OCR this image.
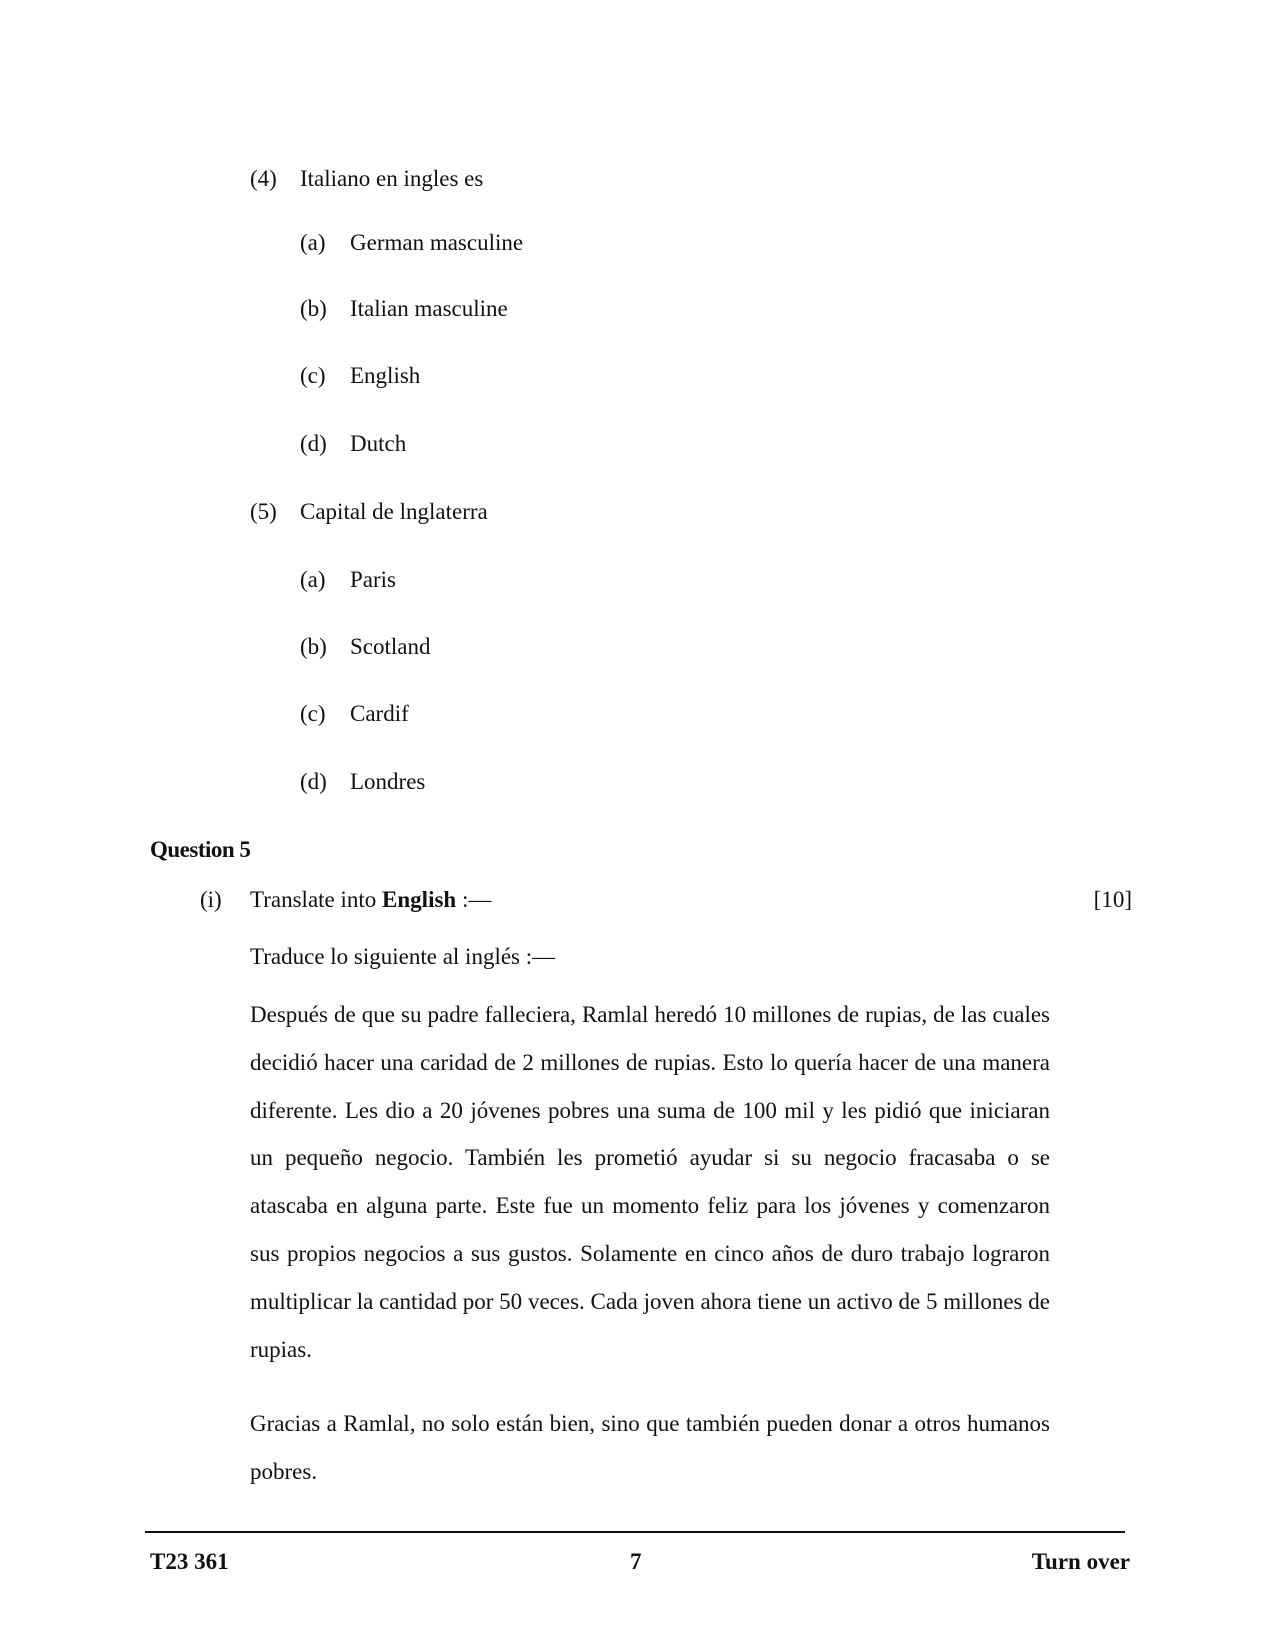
(4) Italiano en ingles es
(a) German masculine
(b) Italian masculine
(c) English
(d) Dutch
(5) Capital de lnglaterra
(a) Paris
(b) Scotland
(c) Cardif
(d) Londres
Question 5
(i) Translate into English :—	[10]
Traduce lo siguiente al inglés :—
Después de que su padre falleciera, Ramlal heredó 10 millones de rupias, de las cuales decidió hacer una caridad de 2 millones de rupias. Esto lo quería hacer de una manera diferente. Les dio a 20 jóvenes pobres una suma de 100 mil y les pidió que iniciaran un pequeño negocio. También les prometió ayudar si su negocio fracasaba o se atascaba en alguna parte. Este fue un momento feliz para los jóvenes y comenzaron sus propios negocios a sus gustos. Solamente en cinco años de duro trabajo lograron multiplicar la cantidad por 50 veces. Cada joven ahora tiene un activo de 5 millones de rupias.
Gracias a Ramlal, no solo están bien, sino que también pueden donar a otros humanos pobres.
T23 361	7	Turn over
